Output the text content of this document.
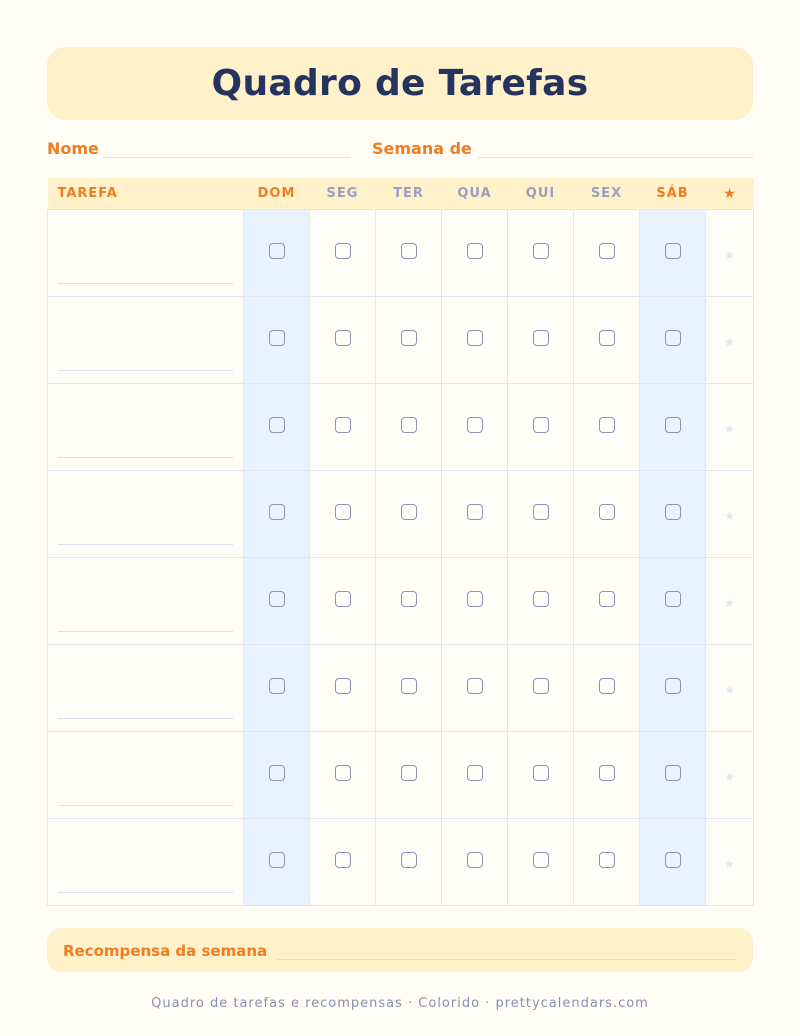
Quadro de Tarefas
Nome	Semana de
TAREFA	DOM	SEG	TER	QUA	QUI	SEX	SÁB	★

								★

								★

								★

								★

								★

								★

								★

								★
Recompensa da semana
Quadro de tarefas e recompensas · Colorido · prettycalendars.com
